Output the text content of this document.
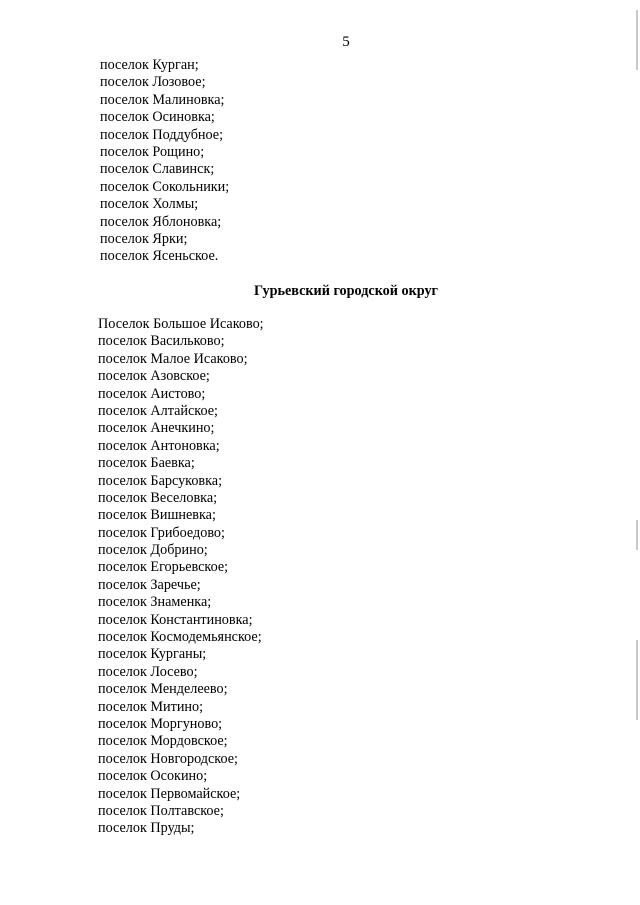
5
поселок Курган;
поселок Лозовое;
поселок Малиновка;
поселок Осиновка;
поселок Поддубное;
поселок Рощино;
поселок Славинск;
поселок Сокольники;
поселок Холмы;
поселок Яблоновка;
поселок Ярки;
поселок Ясеньское.
Гурьевский городской округ
Поселок Большое Исаково;
поселок Васильково;
поселок Малое Исаково;
поселок Азовское;
поселок Аистово;
поселок Алтайское;
поселок Анечкино;
поселок Антоновка;
поселок Баевка;
поселок Барсуковка;
поселок Веселовка;
поселок Вишневка;
поселок Грибоедово;
поселок Добрино;
поселок Егорьевское;
поселок Заречье;
поселок Знаменка;
поселок Константиновка;
поселок Космодемьянское;
поселок Курганы;
поселок Лосево;
поселок Менделеево;
поселок Митино;
поселок Моргуново;
поселок Мордовское;
поселок Новгородское;
поселок Осокино;
поселок Первомайское;
поселок Полтавское;
поселок Пруды;
